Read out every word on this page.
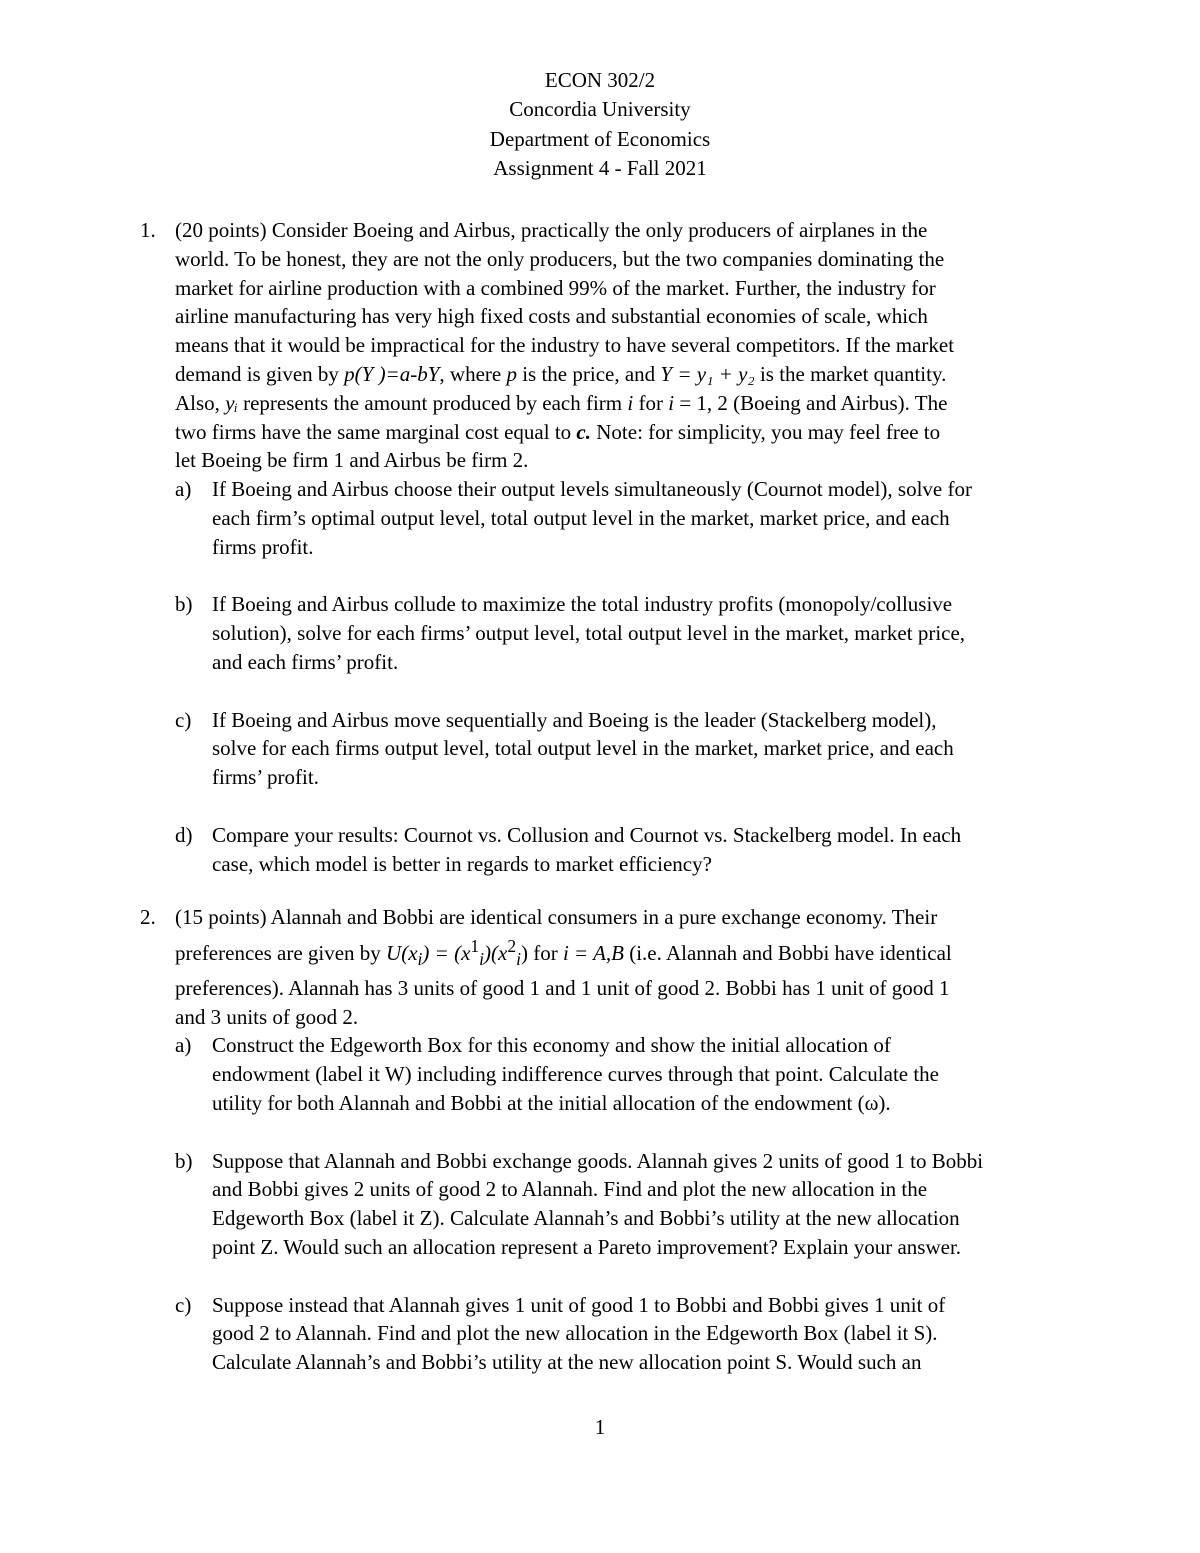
ECON 302/2
Concordia University
Department of Economics
Assignment 4 - Fall 2021
1. (20 points) Consider Boeing and Airbus, practically the only producers of airplanes in the
world. To be honest, they are not the only producers, but the two companies dominating the
market for airline production with a combined 99% of the market. Further, the industry for
airline manufacturing has very high fixed costs and substantial economies of scale, which
means that it would be impractical for the industry to have several competitors. If the market
demand is given by p(Y )=a-bY, where p is the price, and Y = y₁ + y₂ is the market quantity.
Also, yᵢ represents the amount produced by each firm i for i = 1, 2 (Boeing and Airbus). The
two firms have the same marginal cost equal to c. Note: for simplicity, you may feel free to
let Boeing be firm 1 and Airbus be firm 2.
a) If Boeing and Airbus choose their output levels simultaneously (Cournot model), solve for
each firm’s optimal output level, total output level in the market, market price, and each
firms profit.
b) If Boeing and Airbus collude to maximize the total industry profits (monopoly/collusive
solution), solve for each firms’ output level, total output level in the market, market price,
and each firms’ profit.
c) If Boeing and Airbus move sequentially and Boeing is the leader (Stackelberg model),
solve for each firms output level, total output level in the market, market price, and each
firms’ profit.
d) Compare your results: Cournot vs. Collusion and Cournot vs. Stackelberg model. In each
case, which model is better in regards to market efficiency?
2. (15 points) Alannah and Bobbi are identical consumers in a pure exchange economy. Their
preferences are given by $U(x_i) = (x^1_i)(x^2_i)$ for i = A,B (i.e. Alannah and Bobbi have identical
preferences). Alannah has 3 units of good 1 and 1 unit of good 2. Bobbi has 1 unit of good 1
and 3 units of good 2.
a) Construct the Edgeworth Box for this economy and show the initial allocation of
endowment (label it W) including indifference curves through that point. Calculate the
utility for both Alannah and Bobbi at the initial allocation of the endowment (ω).
b) Suppose that Alannah and Bobbi exchange goods. Alannah gives 2 units of good 1 to Bobbi
and Bobbi gives 2 units of good 2 to Alannah. Find and plot the new allocation in the
Edgeworth Box (label it Z). Calculate Alannah’s and Bobbi’s utility at the new allocation
point Z. Would such an allocation represent a Pareto improvement? Explain your answer.
c) Suppose instead that Alannah gives 1 unit of good 1 to Bobbi and Bobbi gives 1 unit of
good 2 to Alannah. Find and plot the new allocation in the Edgeworth Box (label it S).
Calculate Alannah’s and Bobbi’s utility at the new allocation point S. Would such an
1
